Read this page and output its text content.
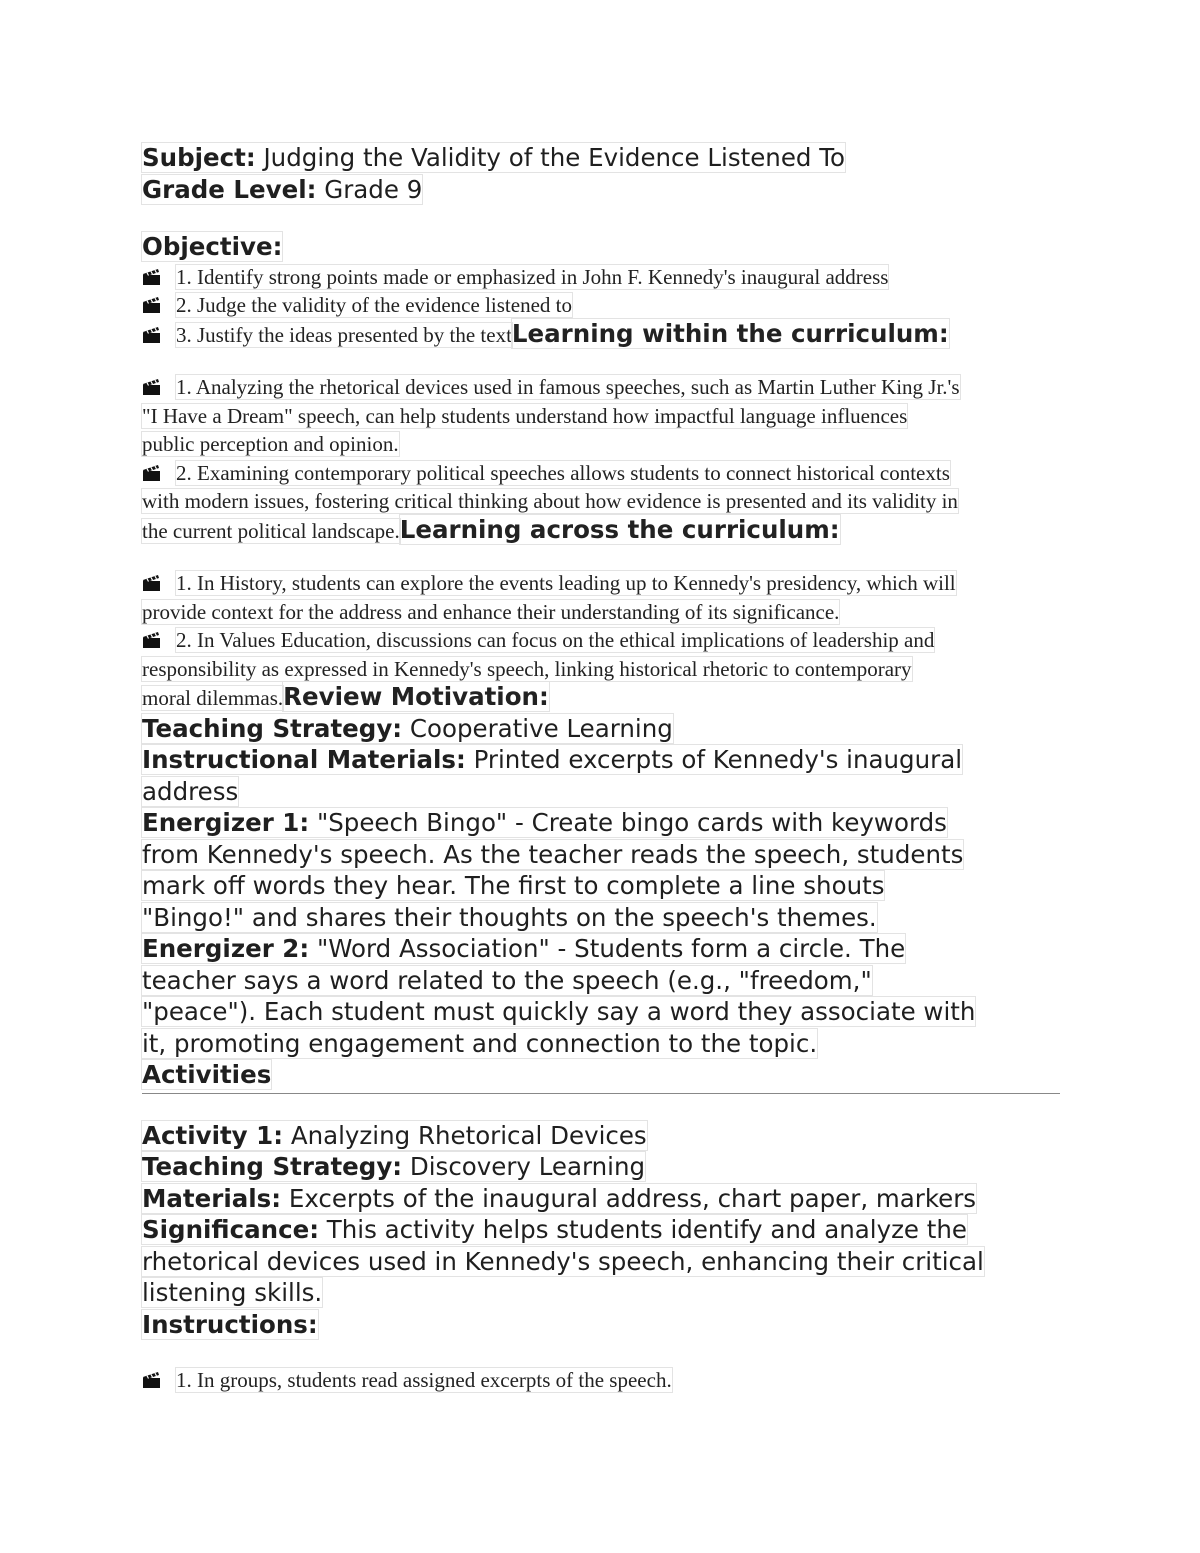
Subject: Judging the Validity of the Evidence Listened To
Grade Level: Grade 9
Objective:
1. Identify strong points made or emphasized in John F. Kennedy's inaugural address
2. Judge the validity of the evidence listened to
3. Justify the ideas presented by the textLearning within the curriculum:
1. Analyzing the rhetorical devices used in famous speeches, such as Martin Luther King Jr.'s
"I Have a Dream" speech, can help students understand how impactful language influences
public perception and opinion.
2. Examining contemporary political speeches allows students to connect historical contexts
with modern issues, fostering critical thinking about how evidence is presented and its validity in
the current political landscape.Learning across the curriculum:
1. In History, students can explore the events leading up to Kennedy's presidency, which will
provide context for the address and enhance their understanding of its significance.
2. In Values Education, discussions can focus on the ethical implications of leadership and
responsibility as expressed in Kennedy's speech, linking historical rhetoric to contemporary
moral dilemmas.Review Motivation:
Teaching Strategy: Cooperative Learning
Instructional Materials: Printed excerpts of Kennedy's inaugural
address
Energizer 1: "Speech Bingo" - Create bingo cards with keywords
from Kennedy's speech. As the teacher reads the speech, students
mark off words they hear. The first to complete a line shouts
"Bingo!" and shares their thoughts on the speech's themes.
Energizer 2: "Word Association" - Students form a circle. The
teacher says a word related to the speech (e.g., "freedom,"
"peace"). Each student must quickly say a word they associate with
it, promoting engagement and connection to the topic.
Activities
Activity 1: Analyzing Rhetorical Devices
Teaching Strategy: Discovery Learning
Materials: Excerpts of the inaugural address, chart paper, markers
Significance: This activity helps students identify and analyze the
rhetorical devices used in Kennedy's speech, enhancing their critical
listening skills.
Instructions:
1. In groups, students read assigned excerpts of the speech.
